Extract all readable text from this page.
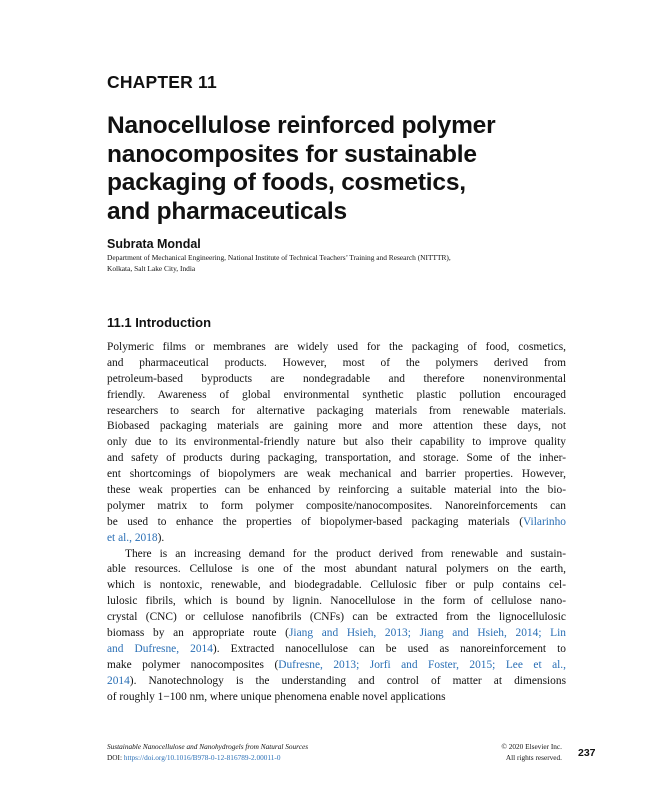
CHAPTER 11
Nanocellulose reinforced polymer
nanocomposites for sustainable
packaging of foods, cosmetics,
and pharmaceuticals
Subrata Mondal
Department of Mechanical Engineering, National Institute of Technical Teachers’ Training and Research (NITTTR),
Kolkata, Salt Lake City, India
11.1 Introduction
Polymeric films or membranes are widely used for the packaging of food, cosmetics,
and pharmaceutical products. However, most of the polymers derived from
petroleum-based byproducts are nondegradable and therefore nonenvironmental
friendly. Awareness of global environmental synthetic plastic pollution encouraged
researchers to search for alternative packaging materials from renewable materials.
Biobased packaging materials are gaining more and more attention these days, not
only due to its environmental-friendly nature but also their capability to improve quality
and safety of products during packaging, transportation, and storage. Some of the inher-
ent shortcomings of biopolymers are weak mechanical and barrier properties. However,
these weak properties can be enhanced by reinforcing a suitable material into the bio-
polymer matrix to form polymer composite/nanocomposites. Nanoreinforcements can
be used to enhance the properties of biopolymer-based packaging materials (Vilarinho
et al., 2018).
There is an increasing demand for the product derived from renewable and sustain-
able resources. Cellulose is one of the most abundant natural polymers on the earth,
which is nontoxic, renewable, and biodegradable. Cellulosic fiber or pulp contains cel-
lulosic fibrils, which is bound by lignin. Nanocellulose in the form of cellulose nano-
crystal (CNC) or cellulose nanofibrils (CNFs) can be extracted from the lignocellulosic
biomass by an appropriate route (Jiang and Hsieh, 2013; Jiang and Hsieh, 2014; Lin
and Dufresne, 2014). Extracted nanocellulose can be used as nanoreinforcement to
make polymer nanocomposites (Dufresne, 2013; Jorfi and Foster, 2015; Lee et al.,
2014). Nanotechnology is the understanding and control of matter at dimensions
of roughly 1−100 nm, where unique phenomena enable novel applications
Sustainable Nanocellulose and Nanohydrogels from Natural Sources
DOI: https://doi.org/10.1016/B978-0-12-816789-2.00011-0
© 2020 Elsevier Inc.
All rights reserved. 237
